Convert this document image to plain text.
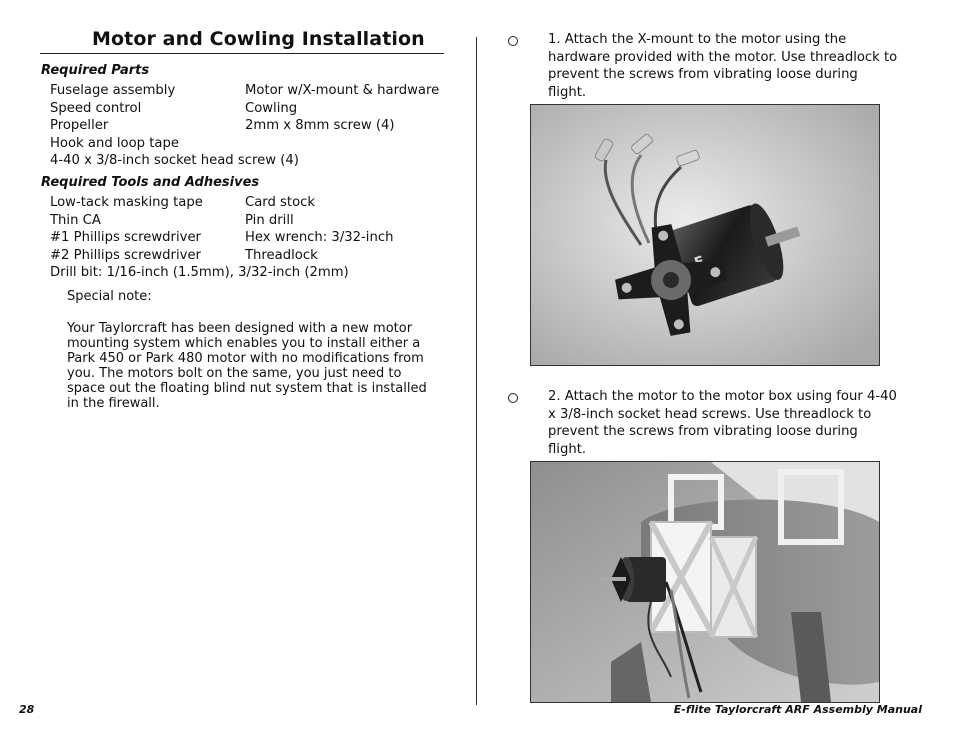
Motor and Cowling Installation
Required Parts
Fuselage assembly	Motor w/X-mount & hardware
Speed control	Cowling
Propeller	2mm x 8mm screw (4)
Hook and loop tape
4-40 x 3/8-inch socket head screw (4)
Required Tools and Adhesives
Low-tack masking tape	Card stock
Thin CA	Pin drill
#1 Phillips screwdriver	Hex wrench: 3/32-inch
#2 Phillips screwdriver	Threadlock
Drill bit: 1/16-inch (1.5mm), 3/32-inch (2mm)

Special note:

Your Taylorcraft has been designed with a new motor mounting system which enables you to install either a Park 450 or Park 480 motor with no modifications from you. The motors bolt on the same, you just need to space out the floating blind nut system that is installed in the firewall.

1. Attach the X-mount to the motor using the hardware provided with the motor. Use threadlock to prevent the screws from vibrating loose during flight.

2. Attach the motor to the motor box using four 4-40 x 3/8-inch socket head screws. Use threadlock to prevent the screws from vibrating loose during flight.

28	E-flite Taylorcraft ARF Assembly Manual
